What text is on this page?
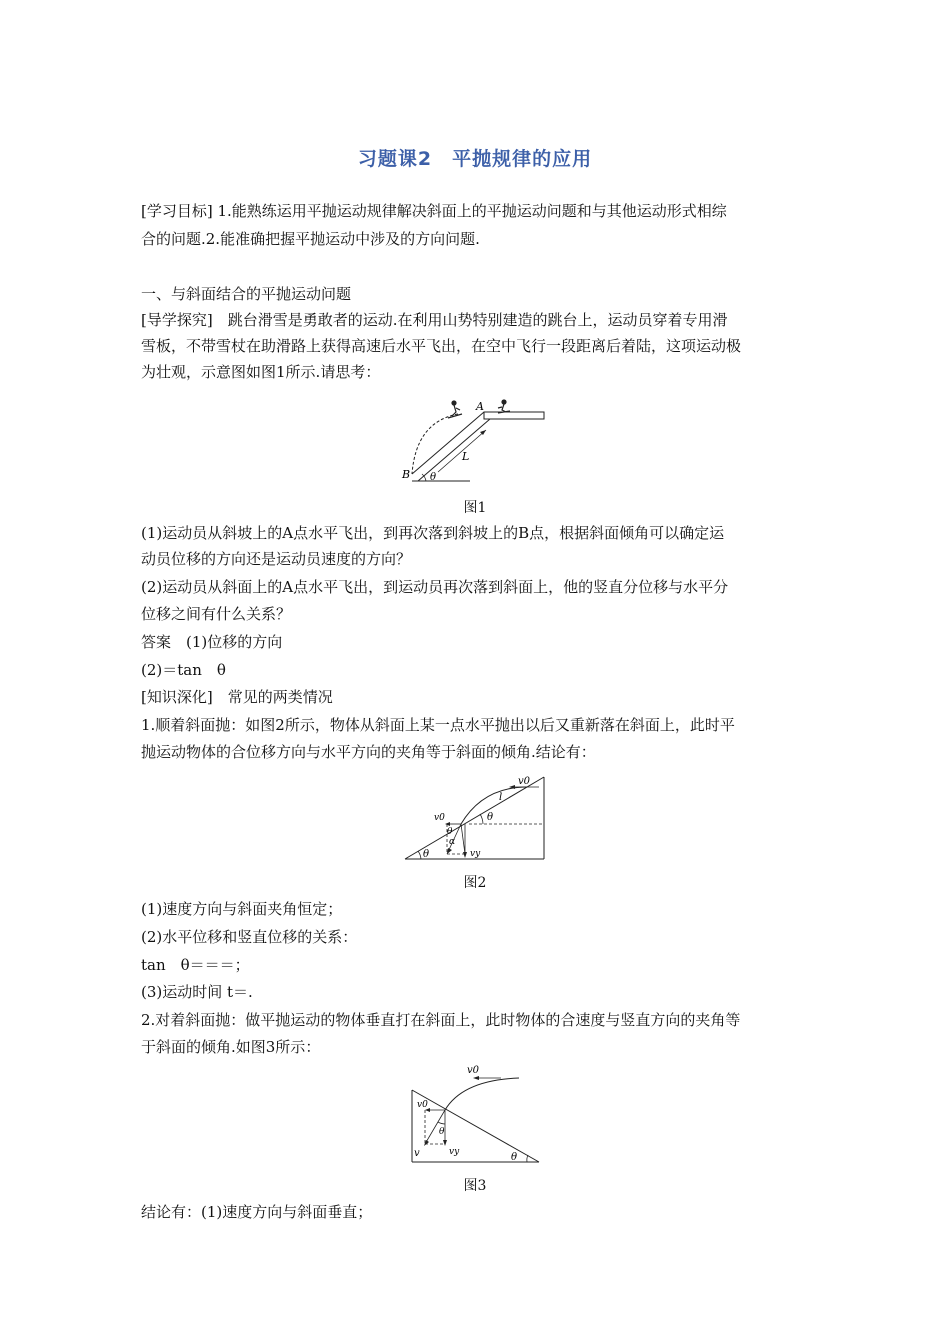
习题课2　平抛规律的应用
[学习目标] 1.能熟练运用平抛运动规律解决斜面上的平抛运动问题和与其他运动形式相综
合的问题.2.能准确把握平抛运动中涉及的方向问题.
一、与斜面结合的平抛运动问题
[导学探究]　跳台滑雪是勇敢者的运动.在利用山势特别建造的跳台上，运动员穿着专用滑
雪板，不带雪杖在助滑路上获得高速后水平飞出，在空中飞行一段距离后着陆，这项运动极
为壮观，示意图如图1所示.请思考：
A
B
L
θ
图1
(1)运动员从斜坡上的A点水平飞出，到再次落到斜坡上的B点，根据斜面倾角可以确定运
动员位移的方向还是运动员速度的方向？
(2)运动员从斜面上的A点水平飞出，到运动员再次落到斜面上，他的竖直分位移与水平分
位移之间有什么关系？
答案　(1)位移的方向
(2)＝tan　θ
[知识深化]　常见的两类情况
1.顺着斜面抛：如图2所示，物体从斜面上某一点水平抛出以后又重新落在斜面上，此时平
抛运动物体的合位移方向与水平方向的夹角等于斜面的倾角.结论有：
v0
l
θ
v0
θ
α
vy
θ
图2
(1)速度方向与斜面夹角恒定；
(2)水平位移和竖直位移的关系：
tan　θ＝＝＝；
(3)运动时间 t＝.
2.对着斜面抛：做平抛运动的物体垂直打在斜面上，此时物体的合速度与竖直方向的夹角等
于斜面的倾角.如图3所示：
v0
v0
θ
v	vy	θ
图3
结论有：(1)速度方向与斜面垂直；
